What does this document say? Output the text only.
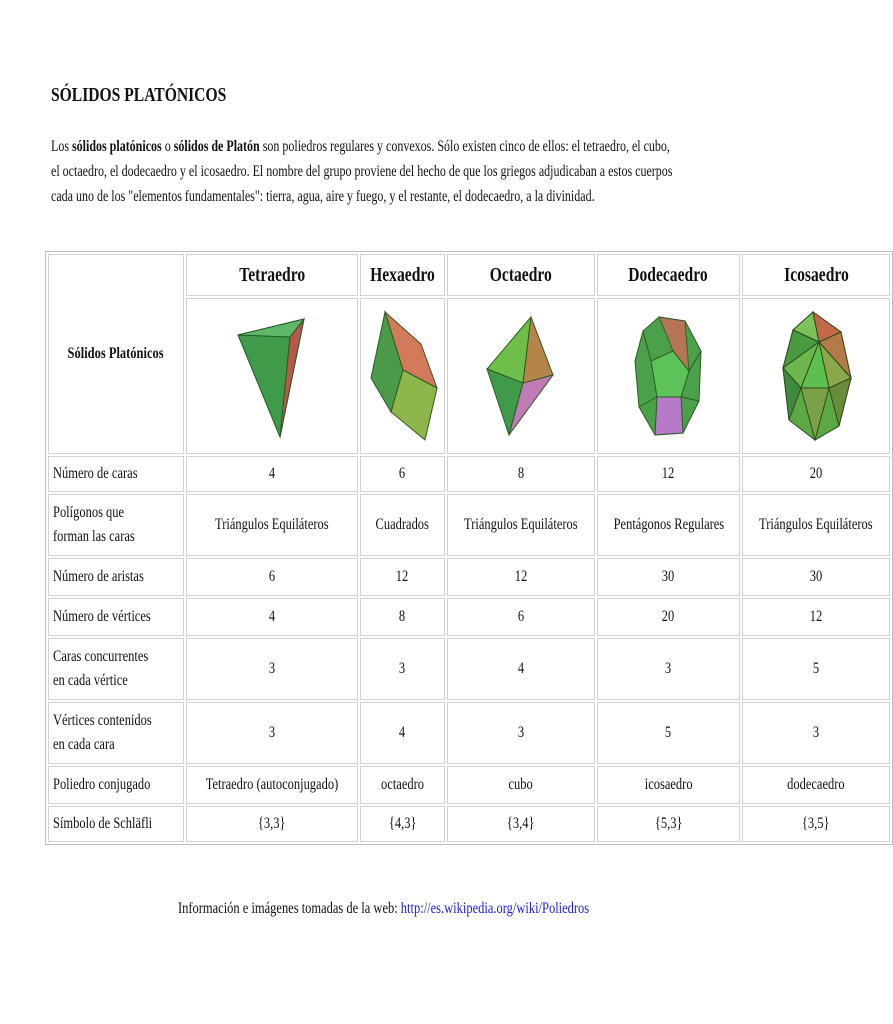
SÓLIDOS PLATÓNICOS

Los sólidos platónicos o sólidos de Platón son poliedros regulares y convexos. Sólo existen cinco de ellos: el tetraedro, el cubo, el octaedro, el dodecaedro y el icosaedro. El nombre del grupo proviene del hecho de que los griegos adjudicaban a estos cuerpos cada uno de los "elementos fundamentales": tierra, agua, aire y fuego, y el restante, el dodecaedro, a la divinidad.

Sólidos Platónicos	Tetraedro	Hexaedro	Octaedro	Dodecaedro	Icosaedro

Número de caras	4	6	8	12	20

Polígonos que forman las caras	Triángulos Equiláteros	Cuadrados	Triángulos Equiláteros	Pentágonos Regulares	Triángulos Equiláteros
Número de aristas	6	12	12	30	30
Número de vértices	4	8	6	20	12

Caras concurrentes en cada vértice	3	3	4	3	5

Vértices contenidos en cada cara	3	4	3	5	3
Poliedro conjugado	Tetraedro (autoconjugado)	octaedro	cubo	icosaedro	dodecaedro
Símbolo de Schläfli	{3,3}	{4,3}	{3,4}	{5,3}	{3,5}
Información e imágenes tomadas de la web: http://es.wikipedia.org/wiki/Poliedros
